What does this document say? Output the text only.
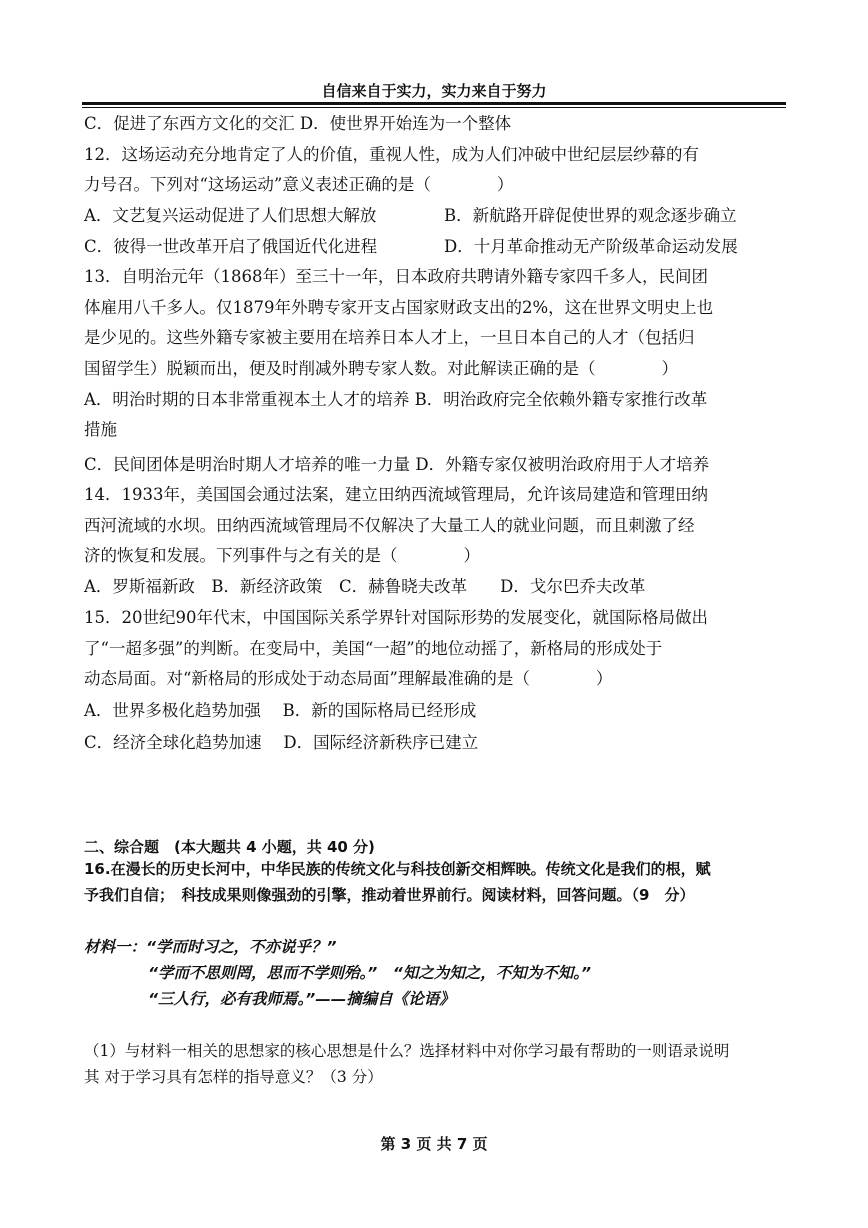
自信来自于实力，实力来自于努力
C．促进了东西方文化的交汇 D．使世界开始连为一个整体
12．这场运动充分地肯定了人的价值，重视人性，成为人们冲破中世纪层层纱幕的有
力号召。下列对“这场运动”意义表述正确的是（　　　　）
A．文艺复兴运动促进了人们思想大解放	B．新航路开辟促使世界的观念逐步确立
C．彼得一世改革开启了俄国近代化进程	D．十月革命推动无产阶级革命运动发展
13．自明治元年（1868年）至三十一年，日本政府共聘请外籍专家四千多人，民间团
体雇用八千多人。仅1879年外聘专家开支占国家财政支出的2%，这在世界文明史上也
是少见的。这些外籍专家被主要用在培养日本人才上，一旦日本自己的人才（包括归
国留学生）脱颖而出，便及时削减外聘专家人数。对此解读正确的是（　　　　）
A．明治时期的日本非常重视本土人才的培养 B．明治政府完全依赖外籍专家推行改革
措施
C．民间团体是明治时期人才培养的唯一力量 D．外籍专家仅被明治政府用于人才培养
14．1933年，美国国会通过法案，建立田纳西流域管理局，允许该局建造和管理田纳
西河流域的水坝。田纳西流域管理局不仅解决了大量工人的就业问题，而且刺激了经
济的恢复和发展。下列事件与之有关的是（　　　　）
A．罗斯福新政　B．新经济政策　C．赫鲁晓夫改革　　D．戈尔巴乔夫改革
15．20世纪90年代末，中国国际关系学界针对国际形势的发展变化，就国际格局做出
了“一超多强”的判断。在变局中，美国“一超”的地位动摇了，新格局的形成处于
动态局面。对“新格局的形成处于动态局面”理解最准确的是（　　　　）
A．世界多极化趋势加强　 B．新的国际格局已经形成
C．经济全球化趋势加速　 D．国际经济新秩序已建立
二、综合题　(本大题共 4 小题，共 40 分)
16.在漫长的历史长河中，中华民族的传统文化与科技创新交相辉映。传统文化是我们的根，赋
予我们自信；　科技成果则像强劲的引擎，推动着世界前行。阅读材料，回答问题。（9　分）
材料一：“学而时习之，不亦说乎？”
“学而不思则罔，思而不学则殆。”　“知之为知之，不知为不知。”
“三人行，必有我师焉。”——摘编自《论语》
（1）与材料一相关的思想家的核心思想是什么？选择材料中对你学习最有帮助的一则语录说明
其 对于学习具有怎样的指导意义？（3 分）
第 3 页 共 7 页
